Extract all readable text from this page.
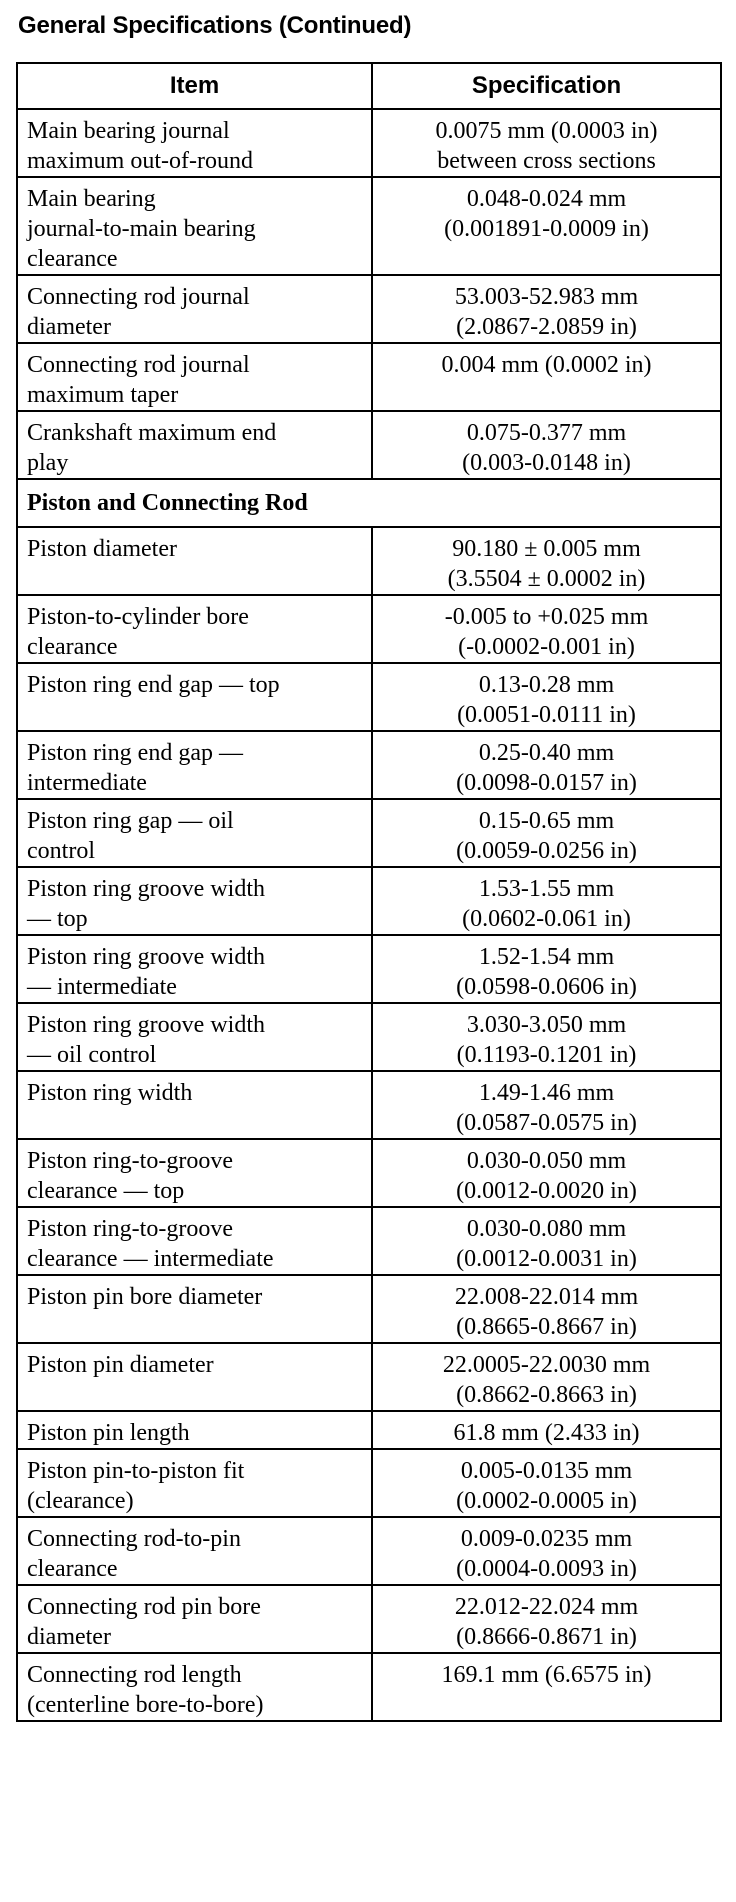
General Specifications (Continued)
Item	Specification
Main bearing journal
maximum out-of-round	0.0075 mm (0.0003 in)
between cross sections
Main bearing
journal-to-main bearing
clearance	0.048-0.024 mm
(0.001891-0.0009 in)
Connecting rod journal
diameter	53.003-52.983 mm
(2.0867-2.0859 in)
Connecting rod journal
maximum taper	0.004 mm (0.0002 in)
Crankshaft maximum end
play	0.075-0.377 mm
(0.003-0.0148 in)
Piston and Connecting Rod	
Piston diameter	90.180 ± 0.005 mm
(3.5504 ± 0.0002 in)
Piston-to-cylinder bore
clearance	-0.005 to +0.025 mm
(-0.0002-0.001 in)
Piston ring end gap — top	0.13-0.28 mm
(0.0051-0.0111 in)
Piston ring end gap —
intermediate	0.25-0.40 mm
(0.0098-0.0157 in)
Piston ring gap — oil
control	0.15-0.65 mm
(0.0059-0.0256 in)
Piston ring groove width
— top	1.53-1.55 mm
(0.0602-0.061 in)
Piston ring groove width
— intermediate	1.52-1.54 mm
(0.0598-0.0606 in)
Piston ring groove width
— oil control	3.030-3.050 mm
(0.1193-0.1201 in)
Piston ring width	1.49-1.46 mm
(0.0587-0.0575 in)
Piston ring-to-groove
clearance — top	0.030-0.050 mm
(0.0012-0.0020 in)
Piston ring-to-groove
clearance — intermediate	0.030-0.080 mm
(0.0012-0.0031 in)
Piston pin bore diameter	22.008-22.014 mm
(0.8665-0.8667 in)
Piston pin diameter	22.0005-22.0030 mm
(0.8662-0.8663 in)
Piston pin length	61.8 mm (2.433 in)
Piston pin-to-piston fit
(clearance)	0.005-0.0135 mm
(0.0002-0.0005 in)
Connecting rod-to-pin
clearance	0.009-0.0235 mm
(0.0004-0.0093 in)
Connecting rod pin bore
diameter	22.012-22.024 mm
(0.8666-0.8671 in)
Connecting rod length
(centerline bore-to-bore)	169.1 mm (6.6575 in)
